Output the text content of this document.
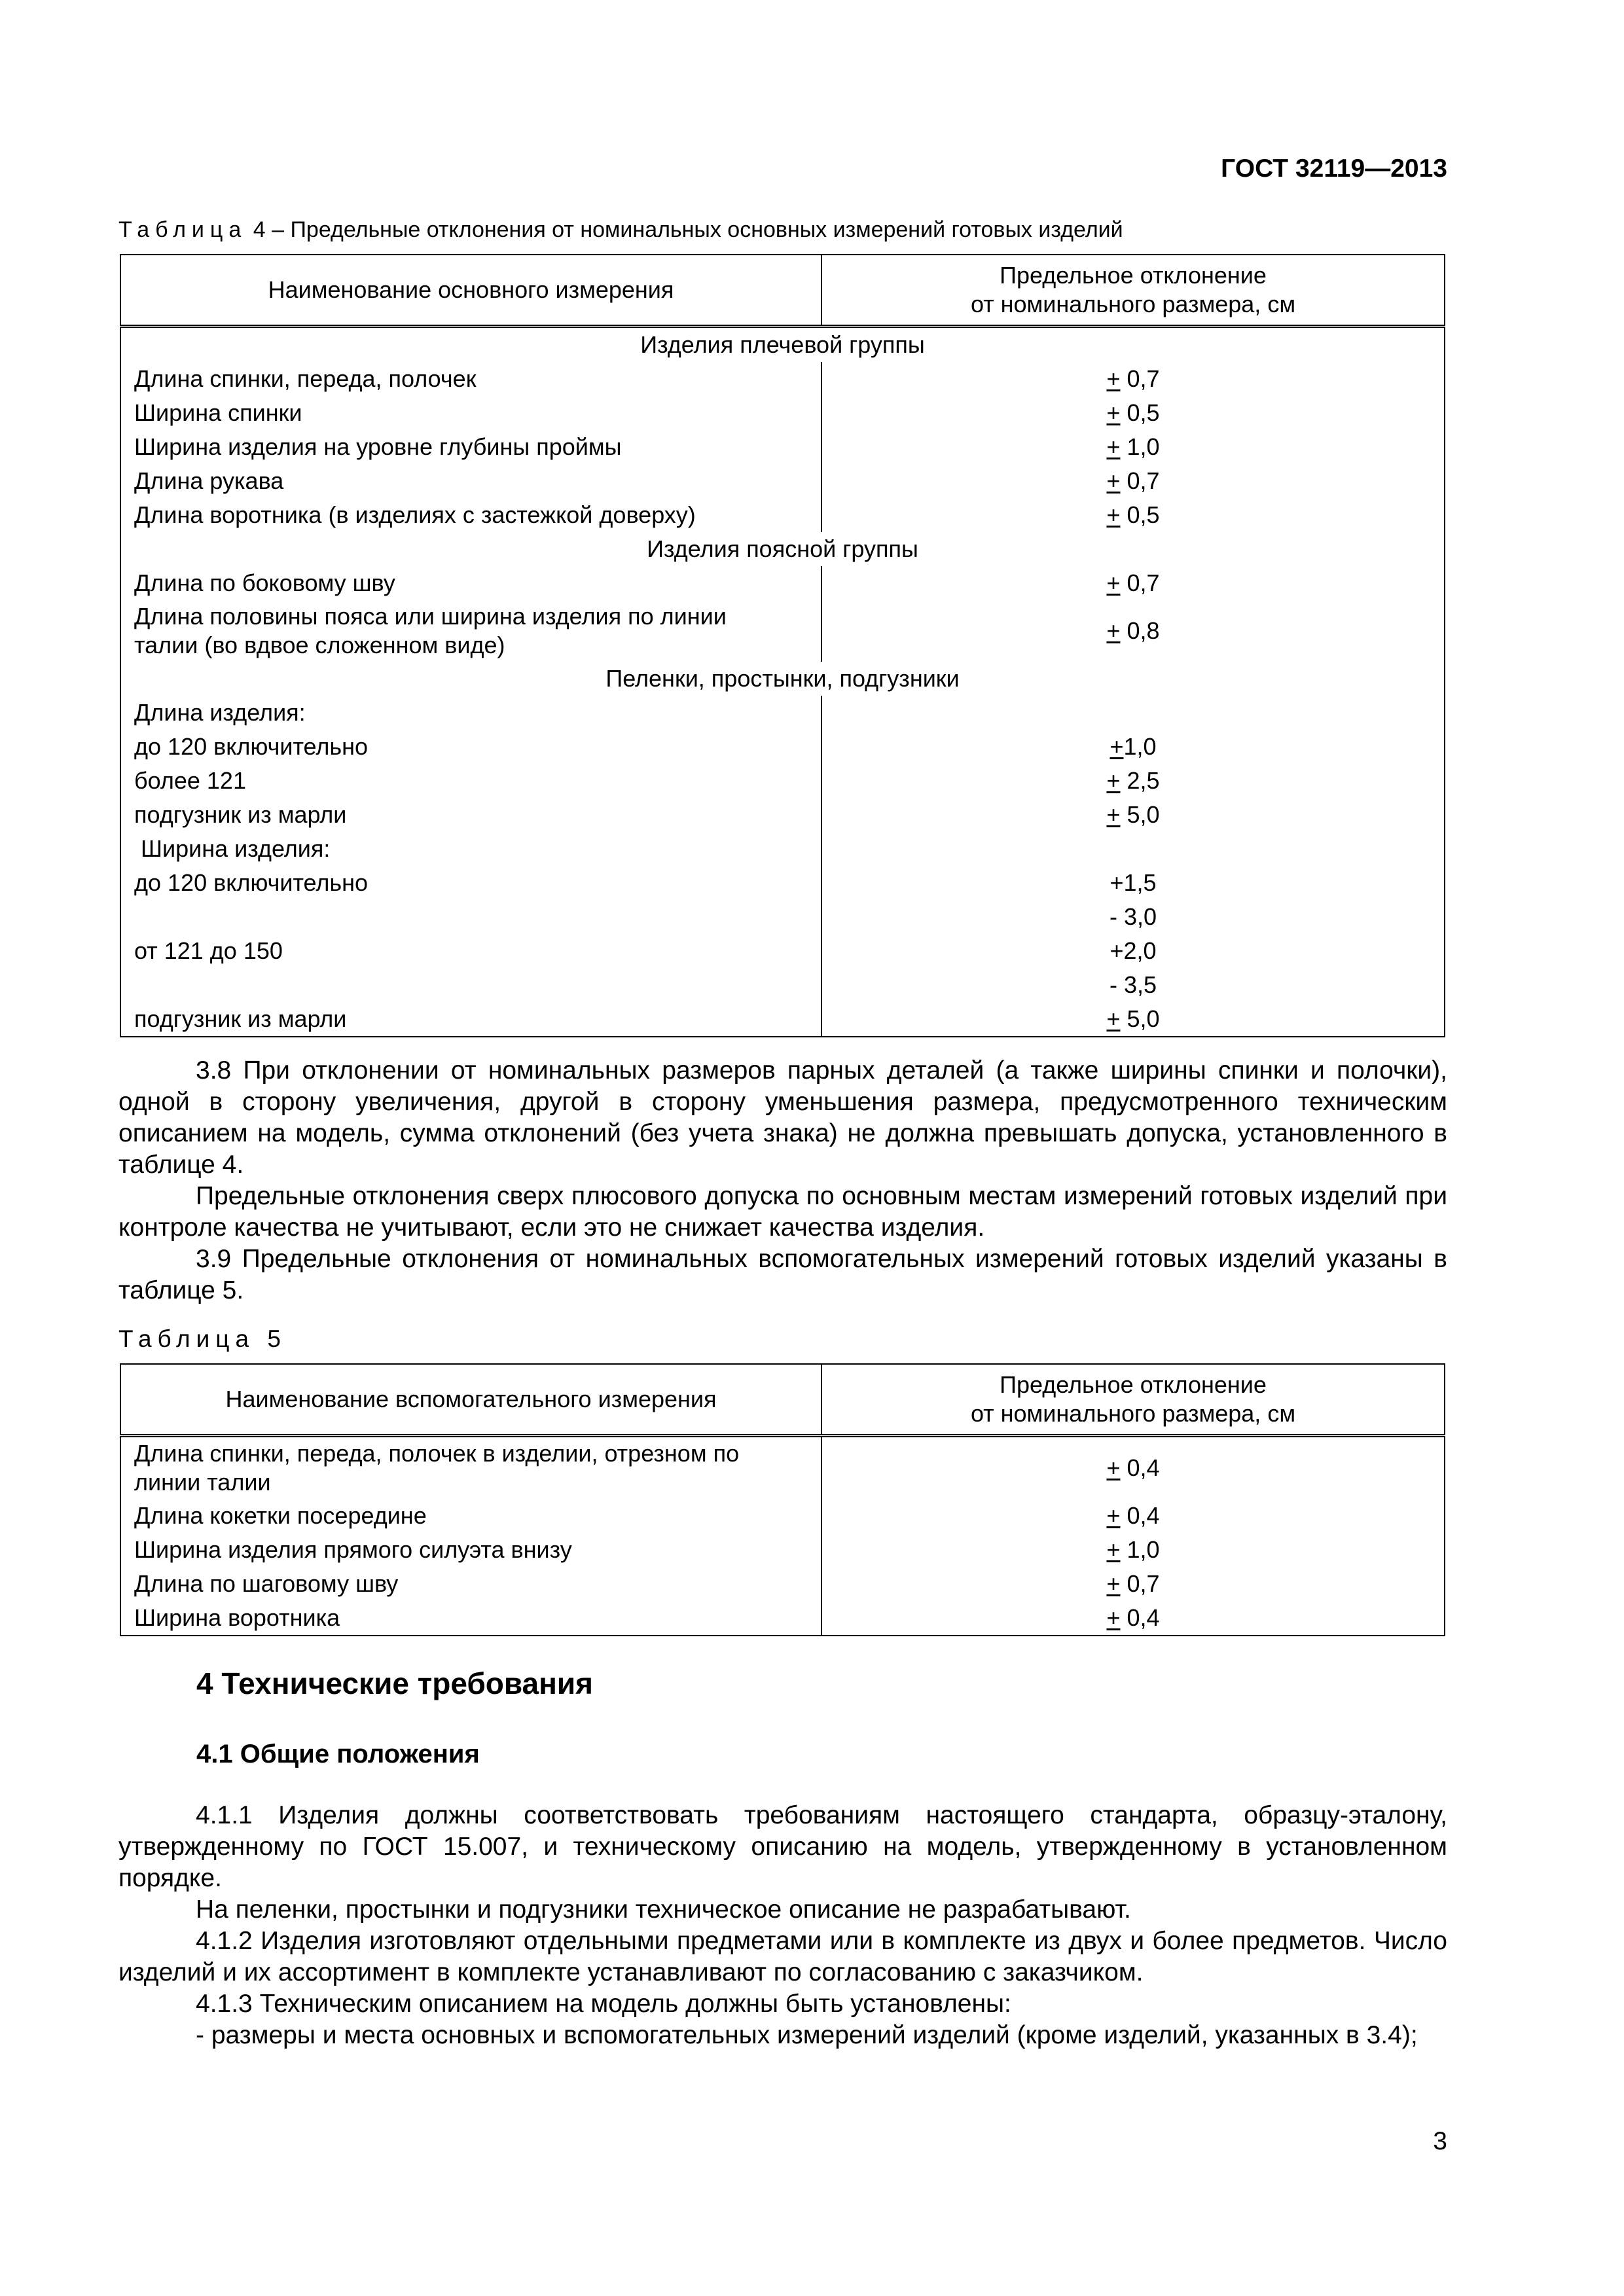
ГОСТ 32119—2013
Таблица 4 – Предельные отклонения от номинальных основных измерений готовых изделий
Наименование основного измерения	Предельное отклонение
от номинального размера, см

Изделия плечевой группы	
Длина спинки, переда, полочек	+ 0,7
Ширина спинки	+ 0,5
Ширина изделия на уровне глубины проймы	+ 1,0
Длина рукава	+ 0,7
Длина воротника (в изделиях с застежкой доверху)	+ 0,5
Изделия поясной группы	
Длина по боковому шву	+ 0,7

Длина половины пояса или ширина изделия по линии
талии (во вдвое сложенном виде)	+ 0,8
Пеленки, простынки, подгузники	
Длина изделия:	
до 120 включительно	+1,0
более 121	+ 2,5
подгузник из марли	+ 5,0
Ширина изделия:	
до 120 включительно	+1,5
	- 3,0
от 121 до 150	+2,0
	- 3,5
подгузник из марли	+ 5,0

3.8 При отклонении от номинальных размеров парных деталей (а также ширины спинки и полочки), одной в сторону увеличения, другой в сторону уменьшения размера, предусмотренного техническим описанием на модель, сумма отклонений (без учета знака) не должна превышать допуска, установленного в таблице 4.

Предельные отклонения сверх плюсового допуска по основным местам измерений готовых изделий при контроле качества не учитывают, если это не снижает качества изделия.

3.9 Предельные отклонения от номинальных вспомогательных измерений готовых изделий указаны в таблице 5.

Таблица 5
Наименование вспомогательного измерения	Предельное отклонение
от номинального размера, см

Длина спинки, переда, полочек в изделии, отрезном по
линии талии	+ 0,4
Длина кокетки посередине	+ 0,4
Ширина изделия прямого силуэта внизу	+ 1,0
Длина по шаговому шву	+ 0,7
Ширина воротника	+ 0,4
4 Технические требования
4.1 Общие положения

4.1.1 Изделия должны соответствовать требованиям настоящего стандарта, образцу-эталону, утвержденному по ГОСТ 15.007, и техническому описанию на модель, утвержденному в установленном порядке.

На пеленки, простынки и подгузники техническое описание не разрабатывают.

4.1.2 Изделия изготовляют отдельными предметами или в комплекте из двух и более предметов. Число изделий и их ассортимент в комплекте устанавливают по согласованию с заказчиком.

4.1.3 Техническим описанием на модель должны быть установлены:

- размеры и места основных и вспомогательных измерений изделий (кроме изделий, указанных в 3.4);

3
